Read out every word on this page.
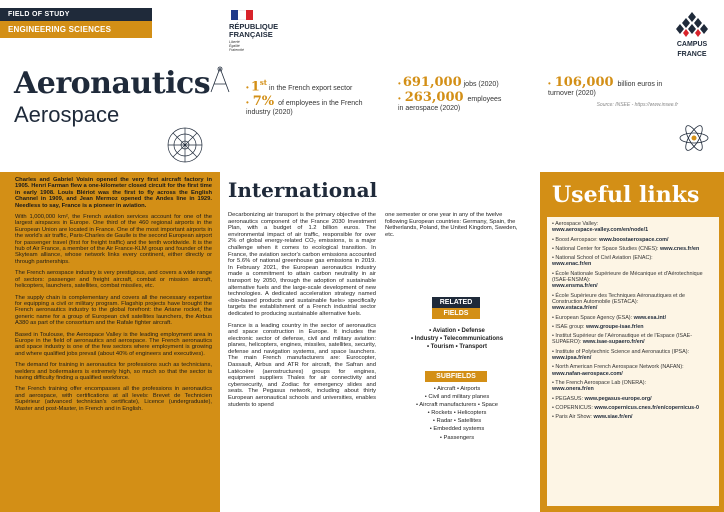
FIELD OF STUDY
ENGINEERING SCIENCES	RÉPUBLIQUE
FRANÇAISE
Liberté
Égalité
Fraternité
CAMPUS
FRANCE
Aeronautics
Aerospace
• 1st
in the French export sector
• 7% of employees in the French industry (2020)
• 691,000 jobs (2020)
• 263,000 employees in aerospace (2020)
• 106,000 billion euros in turnover (2020)
Source: INSEE - https://www.insee.fr

Charles and Gabriel Voisin opened the very first aircraft factory in 1905. Henri Farman flew a one-kilometer closed circuit for the first time in early 1908. Louis Blériot was the first to fly across the English Channel in 1909, and Jean Mermoz opened the Andes line in 1929. Needless to say, France is a pioneer in aviation.

With 1,000,000 km², the French aviation services account for one of the largest airspaces in Europe. One third of the 460 regional airports in the European Union are located in France. One of the most important airports in the world's air traffic, Paris-Charles de Gaulle is the second European airport for passenger travel (first for freight traffic) and the tenth worldwide. It is the hub of Air France, a member of the Air France-KLM group and founder of the Skyteam alliance, whose network links every continent, either directly or through partnerships.

The French aerospace industry is very prestigious, and covers a wide range of sectors: passenger and freight aircraft, combat or mission aircraft, helicopters, launchers, satellites, combat missiles, etc.

The supply chain is complementary and covers all the necessary expertise for equipping a civil or military program. Flagship projects have brought the French aeronautics industry to the global forefront: the Ariane rocket, the generic name for a group of European civil satellites launchers, the Airbus A380 as part of the consortium and the Rafale fighter aircraft.

Based in Toulouse, the Aerospace Valley is the leading employment area in Europe in the field of aeronautics and aerospace. The French aeronautics and space industry is one of the few sectors where employment is growing and where qualified jobs prevail (about 40% of engineers and executives).

The demand for training in aeronautics for professions such as technicians, welders and boilermakers is extremely high, so much so that the sector is having difficulty finding a qualified workforce.

The French training offer encompasses all the professions in aeronautics and aerospace, with certifications at all levels: Brevet de Technicien Supérieur (advanced technician's certificate), Licence (undergraduate), Master and post-Master, in French and in English.

International

Decarbonizing air transport is the primary objective of the aeronautics component of the France 2030 Investment Plan, with a budget of 1.2 billion euros. The environmental impact of air traffic, responsible for over 2% of global energy-related CO₂ emissions, is a major challenge when it comes to ecological transition. In France, the aviation sector's carbon emissions accounted for 5.6% of national greenhouse gas emissions in 2019. In February 2021, the European aeronautics industry made a commitment to attain carbon neutrality in air transport by 2050, through the adoption of sustainable alternative fuels and the large-scale development of new technologies. A dedicated acceleration strategy named «bio-based products and sustainable fuels» specifically targets the establishment of a French industrial sector dedicated to producing sustainable alternative fuels.

France is a leading country in the sector of aeronautics and space construction in Europe. It includes the electronic sector of defense, civil and military aviation: planes, helicopters, engines, missiles, satellites, security, defense and navigation systems, and space launchers. The main French manufacturers are: Eurocopter, Dassault, Airbus and ATR for aircraft, the Safran and Latécoère (aerostructures) groups for engines, equipment suppliers Thales for air connectivity and cybersecurity, and Zodiac for emergency slides and seats. The Pegasus network, including about thirty European aeronautical schools and universities, enables students to spend

one semester or one year in any of the twelve following European countries: Germany, Spain, the Netherlands, Poland, the United Kingdom, Sweden, etc.

RELATED
FIELDS
• Aviation • Defense
• Industry • Telecommunications
• Tourism • Transport
SUBFIELDS
• Aircraft • Airports
• Civil and military planes
• Aircraft manufacturers • Space
• Rockets • Helicopters
• Radar • Satellites
• Embedded systems
• Passengers
Useful links
• Aerospace Valley:
www.aerospace-valley.com/en/node/1
• Boost Aerospace: www.boostaerospace.com/
• National Center for Space Studies (CNES): www.cnes.fr/en
• National School of Civil Aviation (ENAC):
www.enac.fr/en
• École Nationale Supérieure de Mécanique et d'Aérotechnique (ISAE-ENSMA):
www.ensma.fr/en/
• École Supérieure des Techniques Aéronautiques et de Construction Automobile (ESTACA):
www.estaca.fr/en/
• European Space Agency (ESA): www.esa.int/
• ISAE group: www.groupe-isae.fr/en
• Institut Supérieur de l'Aéronautique et de l'Espace (ISAE-SUPAERO): www.isae-supaero.fr/en/
• Institute of Polytechnic Science and Aeronautics (IPSA):
www.ipsa.fr/en/
• North American French Aerospace Network (NAFAN):
www.nafan-aerospace.com/
• The French Aerospace Lab (ONERA):
www.onera.fr/en
• PEGASUS: www.pegasus-europe.org/
• COPERNICUS: www.copernicus.cnes.fr/en/copernicus-0
• Paris Air Show: www.siae.fr/en/
